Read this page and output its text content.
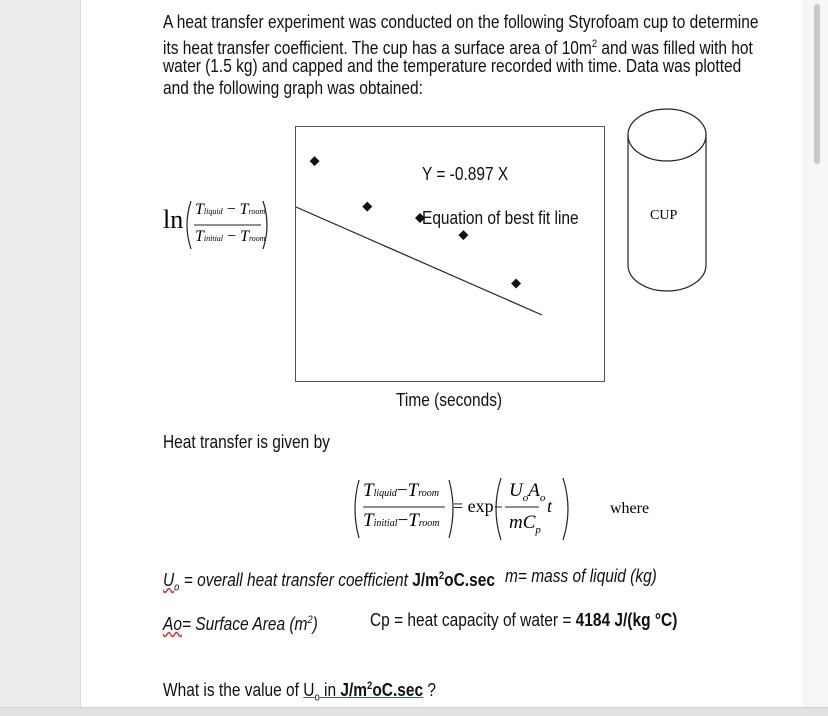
A heat transfer experiment was conducted on the following Styrofoam cup to determine
its heat transfer coefficient. The cup has a surface area of $10m^2$ and was filled with hot
water (1.5 kg) and capped and the temperature recorded with time. Data was plotted
and the following graph was obtained:
ln Tliquid − Troom
Tinitial − Troom
Y = -0.897 X
Equation of best fit line
Time (seconds)
CUP
Heat transfer is given by
Tliquid−Troom
Tinitial−Troom
= exp
$U_oA_o$
$mC_p$
t	where
$U_o$ = overall heat transfer coefficient $J/m^2oC.\sec$ m= mass of liquid (kg)
Ao= Surface Area $(m^2)$	Cp = heat capacity of water = 4184 J/(kg °C)
What is the value of $U_o$ in $J/m^2oC.\sec$ ?
